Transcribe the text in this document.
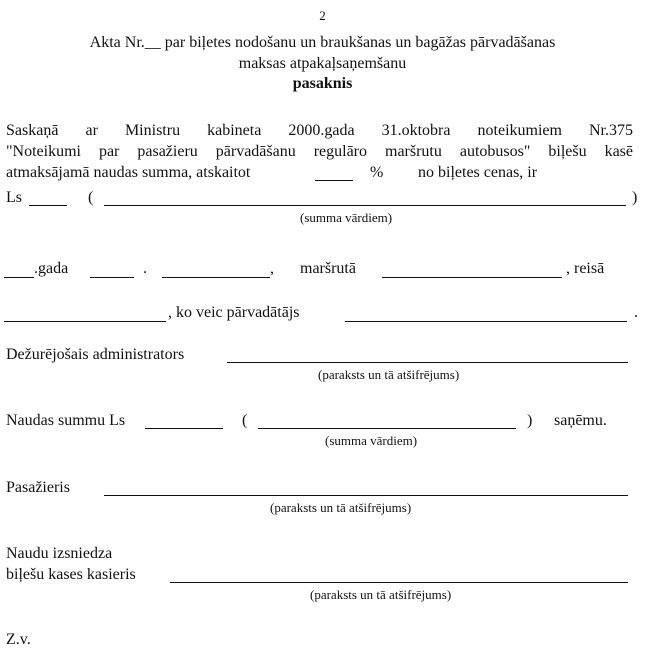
2
Akta Nr.__ par biļetes nodošanu un braukšanas un bagāžas pārvadāšanas
maksas atpakaļsaņemšanu
pasaknis
Saskaņā ar Ministru kabineta 2000.gada 31.oktobra noteikumiem Nr.375
"Noteikumi par pasažieru pārvadāšanu regulāro maršrutu autobusos" biļešu kasē
atmaksājamā naudas summa, atskaitot	% no biļetes cenas, ir
Ls	(	)
(summa vārdiem)
.gada	.	, maršrutā	, reisā
, ko veic pārvadātājs	.
Dežurējošais administrators
(paraksts un tā atšifrējums)
Naudas summu Ls	(	) saņēmu.
(summa vārdiem)
Pasažieris
(paraksts un tā atšifrējums)
Naudu izsniedza
biļešu kases kasieris
(paraksts un tā atšifrējums)
Z.v.
